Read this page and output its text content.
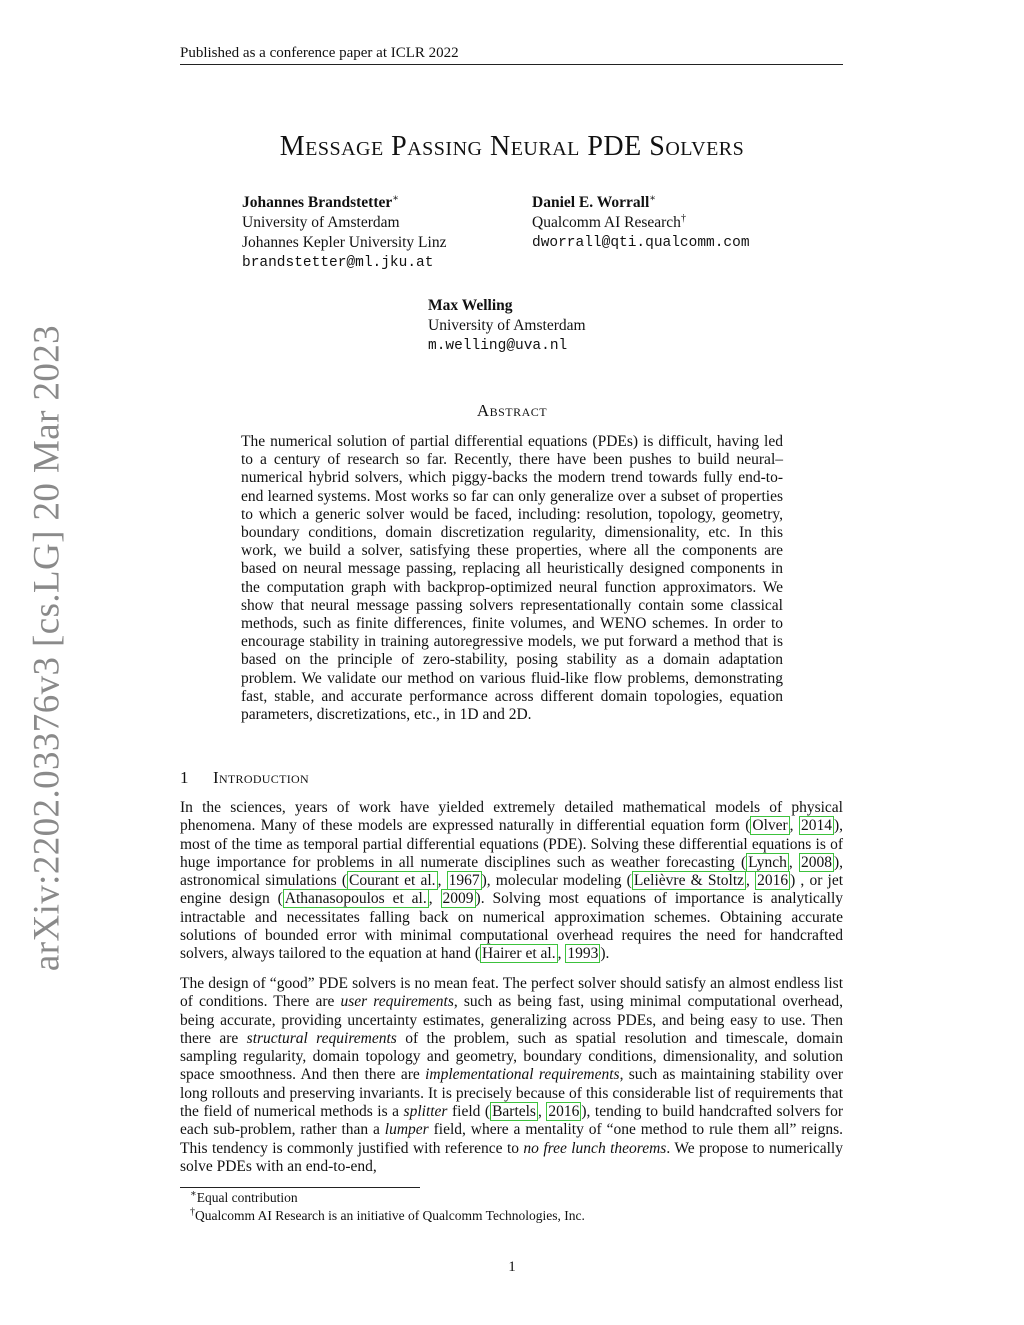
Published as a conference paper at ICLR 2022
arXiv:2202.03376v3 [cs.LG] 20 Mar 2023
Message Passing Neural PDE Solvers
Johannes Brandstetter∗
University of Amsterdam
Johannes Kepler University Linz
brandstetter@ml.jku.at
Daniel E. Worrall∗
Qualcomm AI Research†
dworrall@qti.qualcomm.com
Max Welling
University of Amsterdam
m.welling@uva.nl
Abstract
The numerical solution of partial differential equations (PDEs) is difficult, having led to a century of research so far. Recently, there have been pushes to build neural–numerical hybrid solvers, which piggy-backs the modern trend towards fully end-to-end learned systems. Most works so far can only generalize over a subset of properties to which a generic solver would be faced, including: resolution, topology, geometry, boundary conditions, domain discretization regularity, dimensionality, etc. In this work, we build a solver, satisfying these properties, where all the components are based on neural message passing, replacing all heuristically designed components in the computation graph with backprop-optimized neural function approximators. We show that neural message passing solvers representationally contain some classical methods, such as finite differences, finite volumes, and WENO schemes. In order to encourage stability in training autoregressive models, we put forward a method that is based on the principle of zero-stability, posing stability as a domain adaptation problem. We validate our method on various fluid-like flow problems, demonstrating fast, stable, and accurate performance across different domain topologies, equation parameters, discretizations, etc., in 1D and 2D.
1 Introduction
In the sciences, years of work have yielded extremely detailed mathematical models of physical phenomena. Many of these models are expressed naturally in differential equation form ( Olver , 2014 ), most of the time as temporal partial differential equations (PDE). Solving these differential equations is of huge importance for problems in all numerate disciplines such as weather forecasting ( Lynch , 2008 ), astronomical simulations ( Courant et al. , 1967 ), molecular modeling ( Lelièvre & Stoltz , 2016 ) , or jet engine design ( Athanasopoulos et al. , 2009 ). Solving most equations of importance is analytically intractable and necessitates falling back on numerical approximation schemes. Obtaining accurate solutions of bounded error with minimal computational overhead requires the need for handcrafted solvers, always tailored to the equation at hand ( Hairer et al. , 1993 ).
The design of “good” PDE solvers is no mean feat. The perfect solver should satisfy an almost endless list of conditions. There are user requirements, such as being fast, using minimal computational overhead, being accurate, providing uncertainty estimates, generalizing across PDEs, and being easy to use. Then there are structural requirements of the problem, such as spatial resolution and timescale, domain sampling regularity, domain topology and geometry, boundary conditions, dimensionality, and solution space smoothness. And then there are implementational requirements, such as maintaining stability over long rollouts and preserving invariants. It is precisely because of this considerable list of requirements that the field of numerical methods is a splitter field ( Bartels , 2016 ), tending to build handcrafted solvers for each sub-problem, rather than a lumper field, where a mentality of “one method to rule them all” reigns. This tendency is commonly justified with reference to no free lunch theorems. We propose to numerically solve PDEs with an end-to-end,
∗Equal contribution
†Qualcomm AI Research is an initiative of Qualcomm Technologies, Inc.
1
